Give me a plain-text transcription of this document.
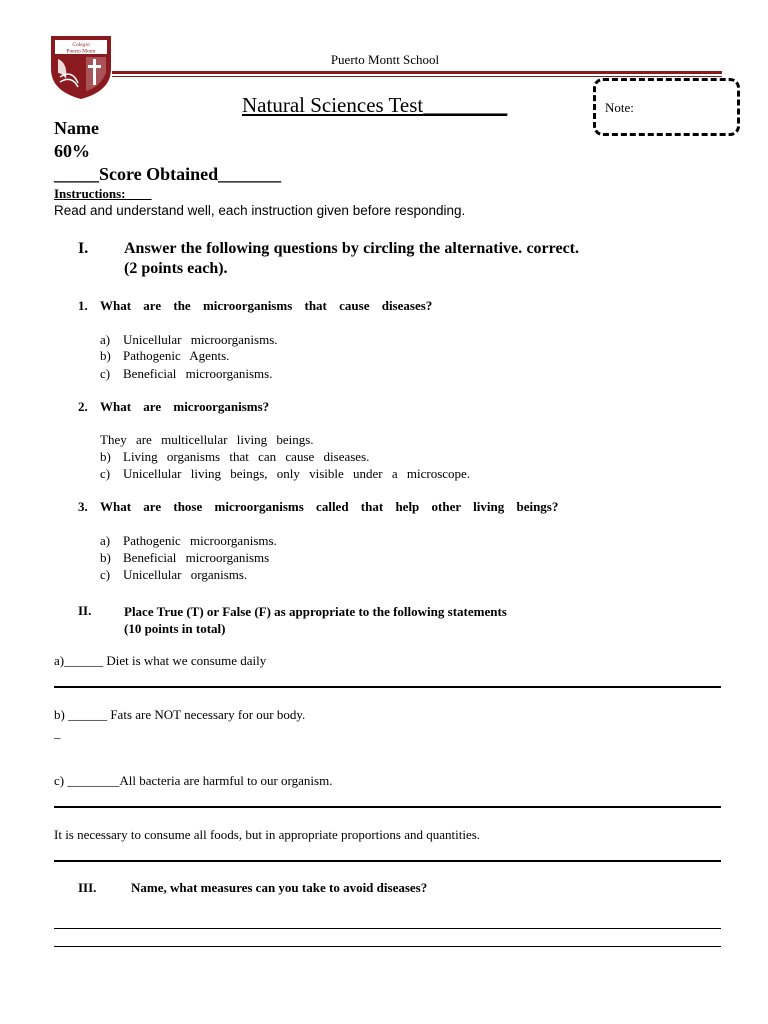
Colegio
Puerto Montt
Puerto Montt School
Natural Sciences Test________	Note:
Name
60%
_____Score Obtained_______
Instructions:____
Read and understand well, each instruction given before responding.
I. Answer the following questions by circling the alternative. correct. (2 points each).
1. What are the microorganisms that cause diseases?
a) Unicellular microorganisms.
b) Pathogenic Agents.
c) Beneficial microorganisms.
2. What are microorganisms?
They are multicellular living beings.
b) Living organisms that can cause diseases.
c) Unicellular living beings, only visible under a microscope.
3. What are those microorganisms called that help other living beings?
a) Pathogenic microorganisms.
b) Beneficial microorganisms
c) Unicellular organisms.
II.	Place True (T) or False (F) as appropriate to the following statements
(10 points in total)
a)______ Diet is what we consume daily
b) ______ Fats are NOT necessary for our body.
_
c) ________All bacteria are harmful to our organism.
It is necessary to consume all foods, but in appropriate proportions and quantities.
III.	Name, what measures can you take to avoid diseases?
